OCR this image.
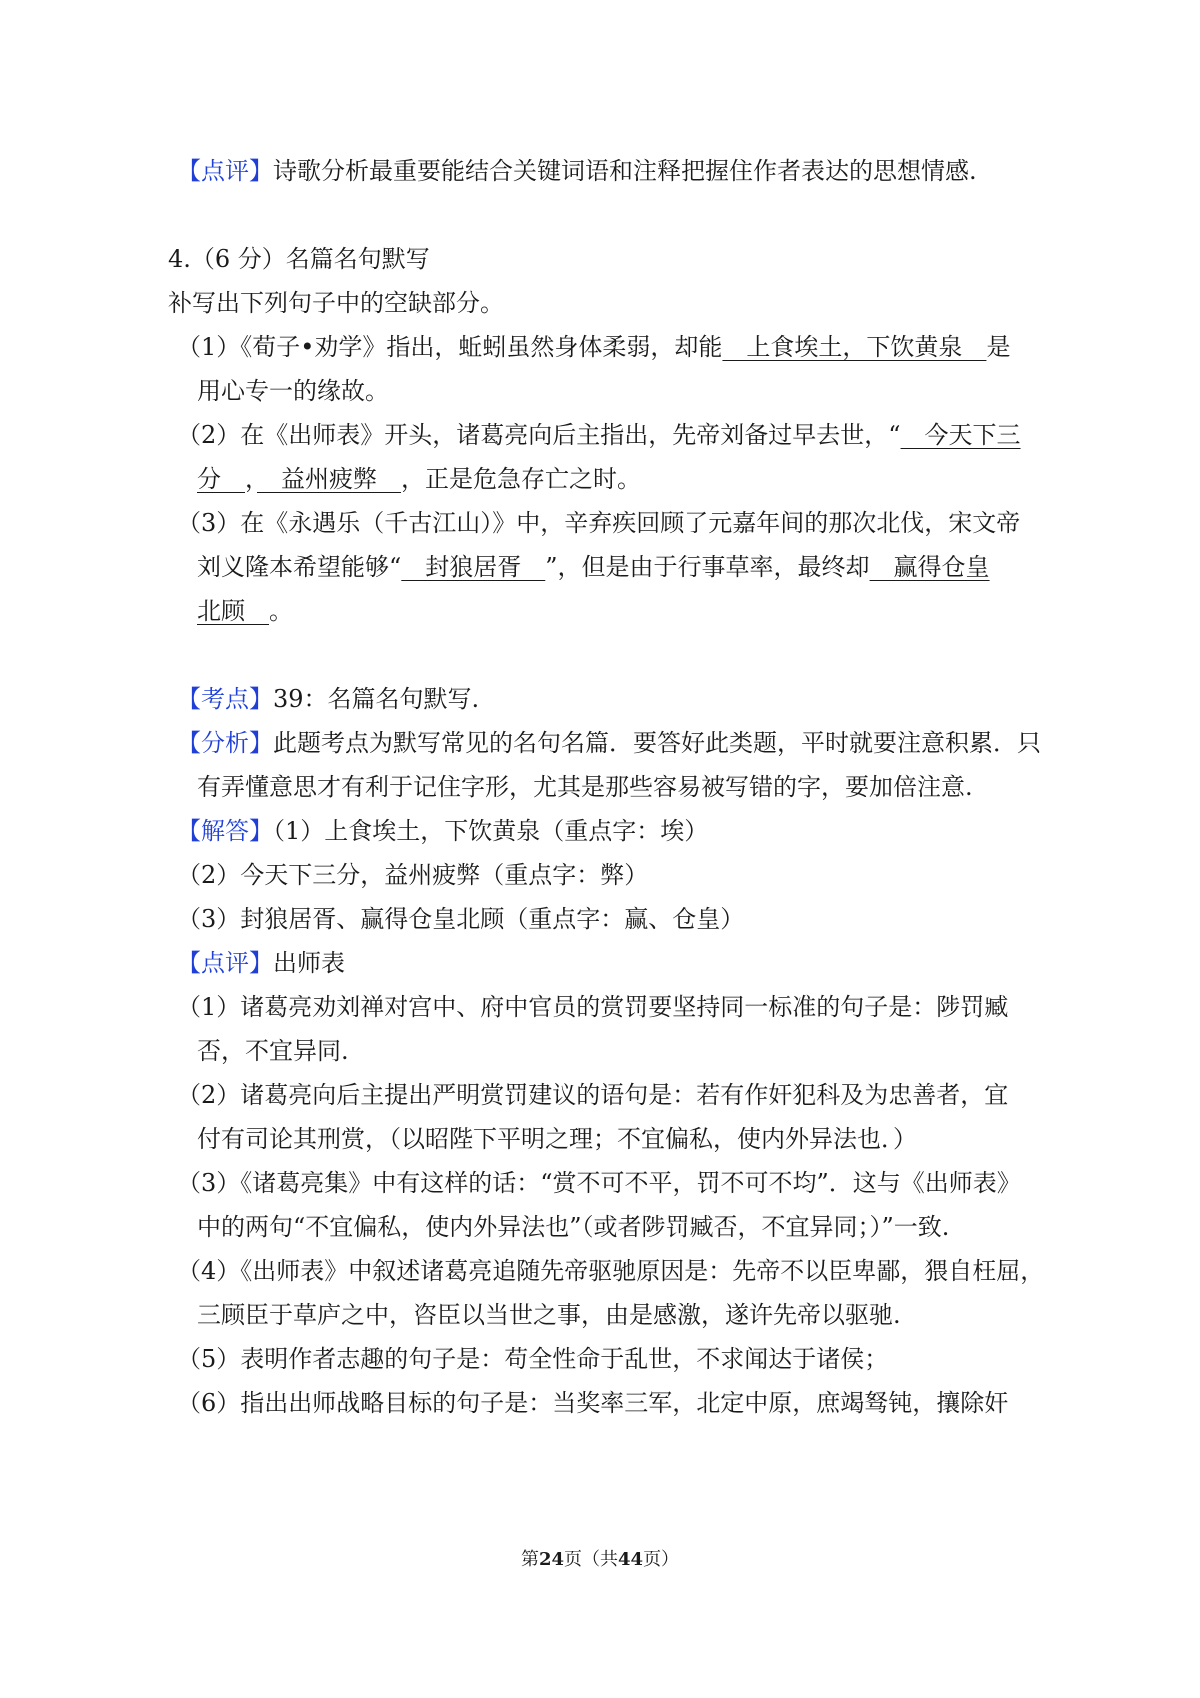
【点评】诗歌分析最重要能结合关键词语和注释把握住作者表达的思想情感.
4.（6 分）名篇名句默写
补写出下列句子中的空缺部分。
（1）《荀子•劝学》指出，蚯蚓虽然身体柔弱，却能　上食埃土，下饮黄泉　是
用心专一的缘故。
（2）在《出师表》开头，诸葛亮向后主指出，先帝刘备过早去世，“　今天下三
分　，　益州疲弊　，正是危急存亡之时。
（3）在《永遇乐（千古江山）》中，辛弃疾回顾了元嘉年间的那次北伐，宋文帝
刘义隆本希望能够“　封狼居胥　”，但是由于行事草率，最终却　赢得仓皇
北顾　。
【考点】39：名篇名句默写.
【分析】此题考点为默写常见的名句名篇．要答好此类题，平时就要注意积累．只
有弄懂意思才有利于记住字形，尤其是那些容易被写错的字，要加倍注意.
【解答】（1）上食埃土，下饮黄泉（重点字：埃）
（2）今天下三分，益州疲弊（重点字：弊）
（3）封狼居胥、赢得仓皇北顾（重点字：赢、仓皇）
【点评】出师表
（1）诸葛亮劝刘禅对宫中、府中官员的赏罚要坚持同一标准的句子是：陟罚臧
否，不宜异同.
（2）诸葛亮向后主提出严明赏罚建议的语句是：若有作奸犯科及为忠善者，宜
付有司论其刑赏，（以昭陛下平明之理；不宜偏私，使内外异法也．）
（3）《诸葛亮集》中有这样的话：“赏不可不平，罚不可不均”．这与《出师表》
中的两句“不宜偏私，使内外异法也”（或者陟罚臧否，不宜异同；）”一致.
（4）《出师表》中叙述诸葛亮追随先帝驱驰原因是：先帝不以臣卑鄙，猥自枉屈，
三顾臣于草庐之中，咨臣以当世之事，由是感激，遂许先帝以驱驰.
（5）表明作者志趣的句子是：苟全性命于乱世，不求闻达于诸侯；
（6）指出出师战略目标的句子是：当奖率三军，北定中原，庶竭驽钝，攘除奸
第24页（共44页）
